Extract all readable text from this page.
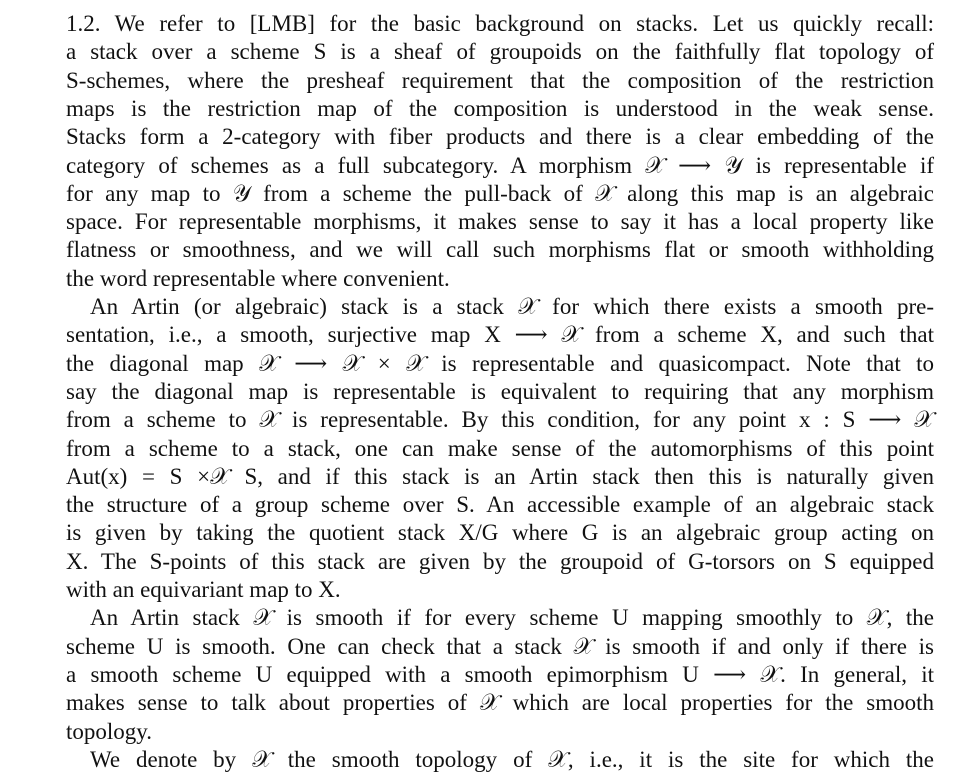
1.2. We refer to [LMB] for the basic background on stacks. Let us quickly recall:
a stack over a scheme S is a sheaf of groupoids on the faithfully flat topology of
S-schemes, where the presheaf requirement that the composition of the restriction
maps is the restriction map of the composition is understood in the weak sense.
Stacks form a 2-category with fiber products and there is a clear embedding of the
category of schemes as a full subcategory. A morphism 𝒳 ⟶ 𝒴 is representable if
for any map to 𝒴 from a scheme the pull-back of 𝒳 along this map is an algebraic
space. For representable morphisms, it makes sense to say it has a local property like
flatness or smoothness, and we will call such morphisms flat or smooth withholding
the word representable where convenient.
An Artin (or algebraic) stack is a stack 𝒳 for which there exists a smooth pre-
sentation, i.e., a smooth, surjective map X ⟶ 𝒳 from a scheme X, and such that
the diagonal map 𝒳 ⟶ 𝒳 × 𝒳 is representable and quasicompact. Note that to
say the diagonal map is representable is equivalent to requiring that any morphism
from a scheme to 𝒳 is representable. By this condition, for any point x : S ⟶ 𝒳
from a scheme to a stack, one can make sense of the automorphisms of this point
Aut(x) = S ×𝒳 S, and if this stack is an Artin stack then this is naturally given
the structure of a group scheme over S. An accessible example of an algebraic stack
is given by taking the quotient stack X/G where G is an algebraic group acting on
X. The S-points of this stack are given by the groupoid of G-torsors on S equipped
with an equivariant map to X.
An Artin stack 𝒳 is smooth if for every scheme U mapping smoothly to 𝒳, the
scheme U is smooth. One can check that a stack 𝒳 is smooth if and only if there is
a smooth scheme U equipped with a smooth epimorphism U ⟶ 𝒳. In general, it
makes sense to talk about properties of 𝒳 which are local properties for the smooth
topology.
We denote by 𝒳 the smooth topology of 𝒳, i.e., it is the site for which the
